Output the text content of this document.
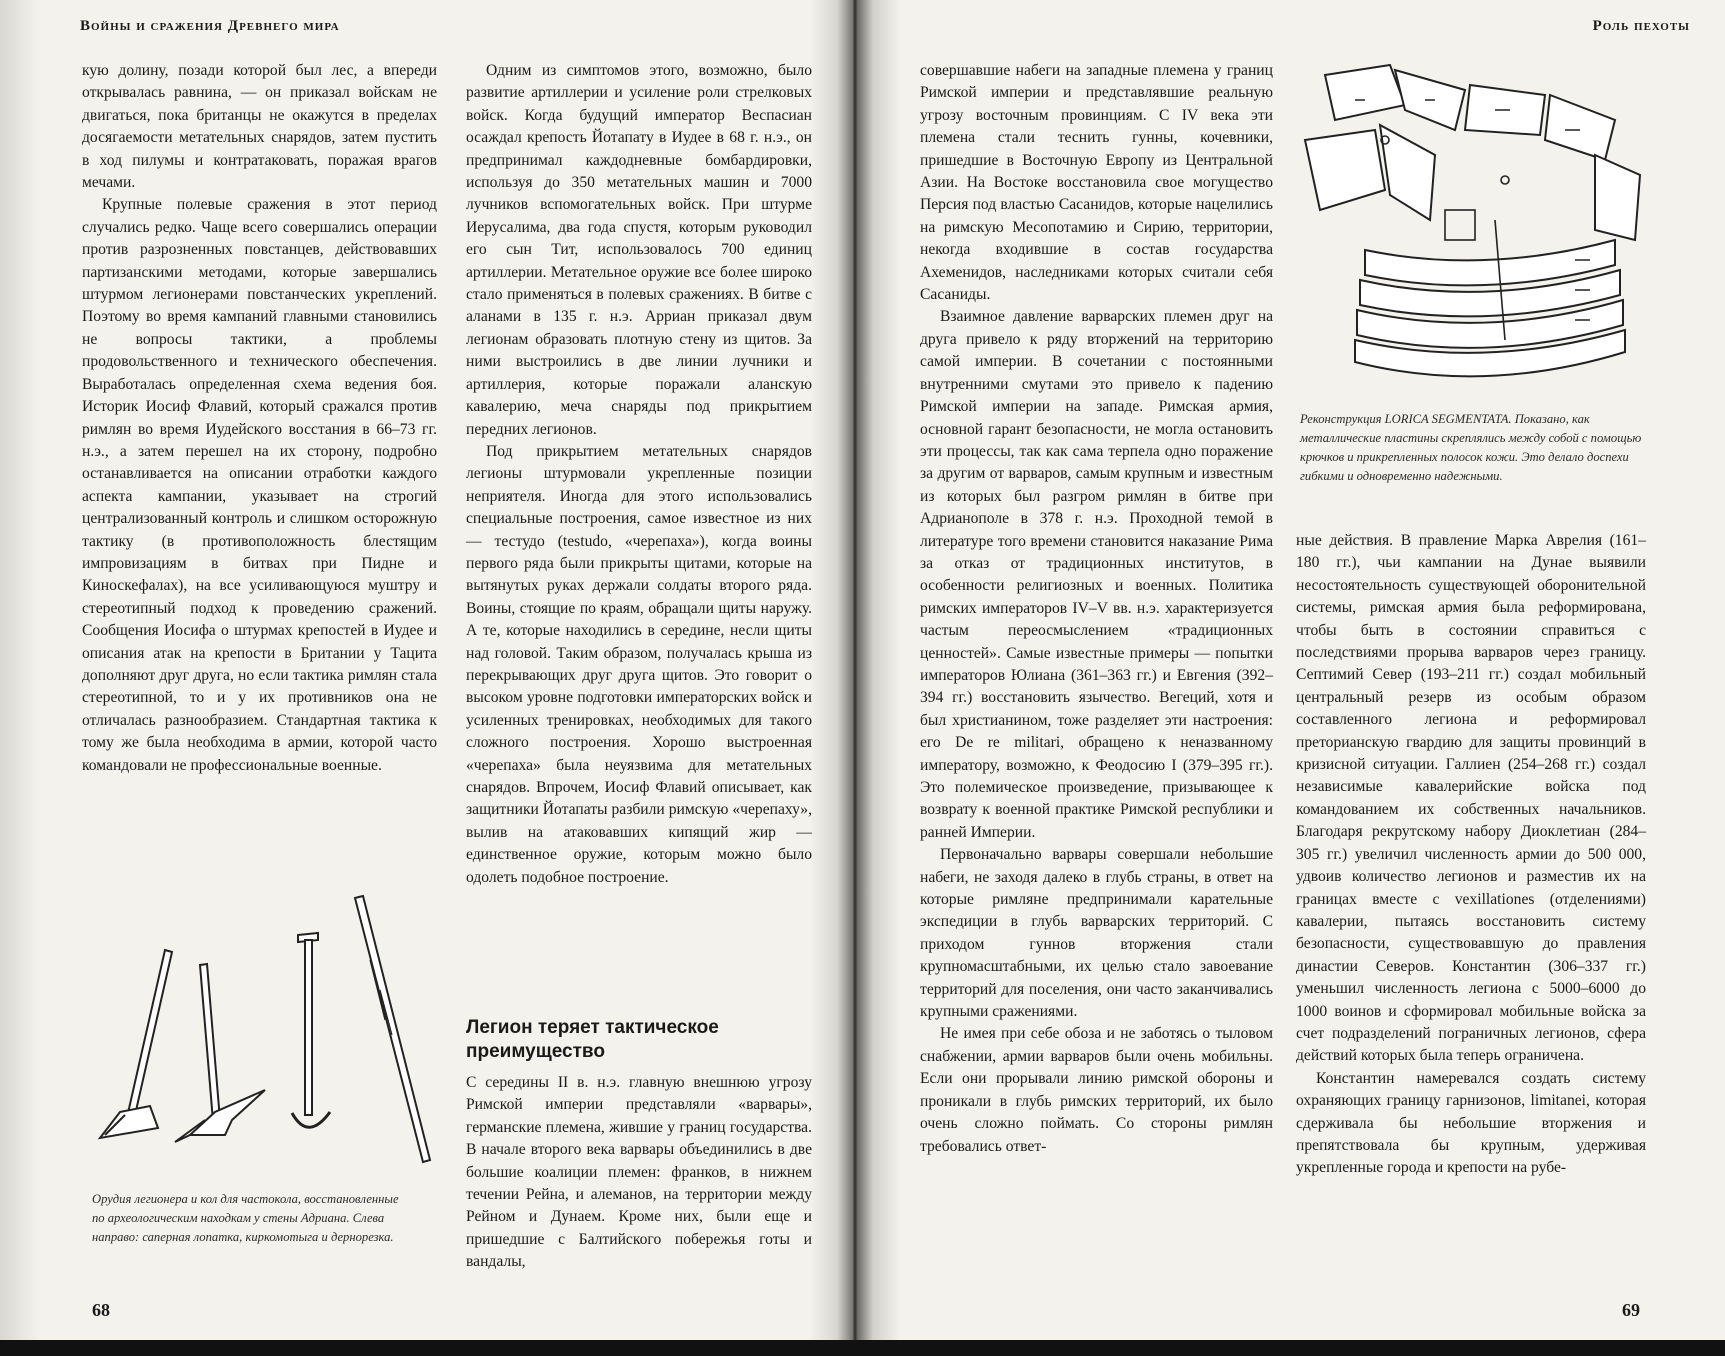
Войны и сражения Древнего мира	Роль пехоты

кую долину, позади которой был лес, а впереди открывалась равнина, — он приказал войскам не двигаться, пока британцы не окажутся в пределах досягаемости метательных снарядов, затем пустить в ход пилумы и контратаковать, поражая врагов мечами.

Крупные полевые сражения в этот период случались редко. Чаще всего совершались операции против разрозненных повстанцев, действовавших партизанскими методами, которые завершались штурмом легионерами повстанческих укреплений. Поэтому во время кампаний главными становились не вопросы тактики, а проблемы продовольственного и технического обеспечения. Выработалась определенная схема ведения боя. Историк Иосиф Флавий, который сражался против римлян во время Иудейского восстания в 66–73 гг. н.э., а затем перешел на их сторону, подробно останавливается на описании отработки каждого аспекта кампании, указывает на строгий централизованный контроль и слишком осторожную тактику (в противоположность блестящим импровизациям в битвах при Пидне и Киноскефалах), на все усиливающуюся муштру и стереотипный подход к проведению сражений. Сообщения Иосифа о штурмах крепостей в Иудее и описания атак на крепости в Британии у Тацита дополняют друг друга, но если тактика римлян стала стереотипной, то и у их противников она не отличалась разнообразием. Стандартная тактика к тому же была необходима в армии, которой часто командовали не профессиональные военные.

Одним из симптомов этого, возможно, было развитие артиллерии и усиление роли стрелковых войск. Когда будущий император Веспасиан осаждал крепость Йотапату в Иудее в 68 г. н.э., он предпринимал каждодневные бомбардировки, используя до 350 метательных машин и 7000 лучников вспомогательных войск. При штурме Иерусалима, два года спустя, которым руководил его сын Тит, использовалось 700 единиц артиллерии. Метательное оружие все более широко стало применяться в полевых сражениях. В битве с аланами в 135 г. н.э. Арриан приказал двум легионам образовать плотную стену из щитов. За ними выстроились в две линии лучники и артиллерия, которые поражали аланскую кавалерию, меча снаряды под прикрытием передних легионов.

Под прикрытием метательных снарядов легионы штурмовали укрепленные позиции неприятеля. Иногда для этого использовались специальные построения, самое известное из них — тестудо (testudo, «черепаха»), когда воины первого ряда были прикрыты щитами, которые на вытянутых руках держали солдаты второго ряда. Воины, стоящие по краям, обращали щиты наружу. А те, которые находились в середине, несли щиты над головой. Таким образом, получалась крыша из перекрывающих друг друга щитов. Это говорит о высоком уровне подготовки императорских войск и усиленных тренировках, необходимых для такого сложного построения. Хорошо выстроенная «черепаха» была неуязвима для метательных снарядов. Впрочем, Иосиф Флавий описывает, как защитники Йотапаты разбили римскую «черепаху», вылив на атаковавших кипящий жир — единственное оружие, которым можно было одолеть подобное построение.

Легион теряет тактическое преимущество

С середины II в. н.э. главную внешнюю угрозу Римской империи представляли «варвары», германские племена, жившие у границ государства. В начале второго века варвары объединились в две большие коалиции племен: франков, в нижнем течении Рейна, и алеманов, на территории между Рейном и Дунаем. Кроме них, были еще и пришедшие с Балтийского побережья готы и вандалы,

совершавшие набеги на западные племена у границ Римской империи и представлявшие реальную угрозу восточным провинциям. С IV века эти племена стали теснить гунны, кочевники, пришедшие в Восточную Европу из Центральной Азии. На Востоке восстановила свое могущество Персия под властью Сасанидов, которые нацелились на римскую Месопотамию и Сирию, территории, некогда входившие в состав государства Ахеменидов, наследниками которых считали себя Сасаниды.

Взаимное давление варварских племен друг на друга привело к ряду вторжений на территорию самой империи. В сочетании с постоянными внутренними смутами это привело к падению Римской империи на западе. Римская армия, основной гарант безопасности, не могла остановить эти процессы, так как сама терпела одно поражение за другим от варваров, самым крупным и известным из которых был разгром римлян в битве при Адрианополе в 378 г. н.э. Проходной темой в литературе того времени становится наказание Рима за отказ от традиционных институтов, в особенности религиозных и военных. Политика римских императоров IV–V вв. н.э. характеризуется частым переосмыслением «традиционных ценностей». Самые известные примеры — попытки императоров Юлиана (361–363 гг.) и Евгения (392–394 гг.) восстановить язычество. Вегеций, хотя и был христианином, тоже разделяет эти настроения: его De re militari, обращено к неназванному императору, возможно, к Феодосию I (379–395 гг.). Это полемическое произведение, призывающее к возврату к военной практике Римской республики и ранней Империи.

Первоначально варвары совершали небольшие набеги, не заходя далеко в глубь страны, в ответ на которые римляне предпринимали карательные экспедиции в глубь варварских территорий. С приходом гуннов вторжения стали крупномасштабными, их целью стало завоевание территорий для поселения, они часто заканчивались крупными сражениями.

Не имея при себе обоза и не заботясь о тыловом снабжении, армии варваров были очень мобильны. Если они прорывали линию римской обороны и проникали в глубь римских территорий, их было очень сложно поймать. Со стороны римлян требовались ответ-

ные действия. В правление Марка Аврелия (161–180 гг.), чьи кампании на Дунае выявили несостоятельность существующей оборонительной системы, римская армия была реформирована, чтобы быть в состоянии справиться с последствиями прорыва варваров через границу. Септимий Север (193–211 гг.) создал мобильный центральный резерв из особым образом составленного легиона и реформировал преторианскую гвардию для защиты провинций в кризисной ситуации. Галлиен (254–268 гг.) создал независимые кавалерийские войска под командованием их собственных начальников. Благодаря рекрутскому набору Диоклетиан (284–305 гг.) увеличил численность армии до 500 000, удвоив количество легионов и разместив их на границах вместе с vexillationes (отделениями) кавалерии, пытаясь восстановить систему безопасности, существовавшую до правления династии Северов. Константин (306–337 гг.) уменьшил численность легиона с 5000–6000 до 1000 воинов и сформировал мобильные войска за счет подразделений пограничных легионов, сфера действий которых была теперь ограничена.

Константин намеревался создать систему охраняющих границу гарнизонов, limitanei, которая сдерживала бы небольшие вторжения и препятствовала бы крупным, удерживая укрепленные города и крепости на рубе-

Орудия легионера и кол для частокола, восстановленные по археологическим находкам у стены Адриана. Слева направо: саперная лопатка, киркомотыга и дернорезка.
Реконструкция LORICA SEGMENTATA. Показано, как металлические пластины скреплялись между собой с помощью крючков и прикрепленных полосок кожи. Это делало доспехи гибкими и одновременно надежными.
68	69
